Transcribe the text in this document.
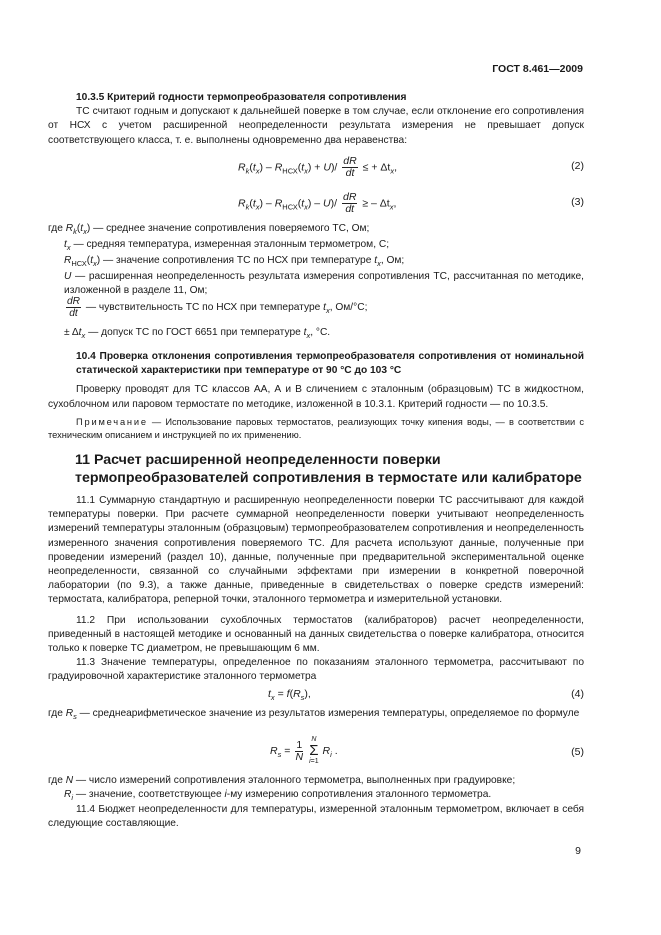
ГОСТ 8.461—2009
10.3.5 Критерий годности термопреобразователя сопротивления
ТС считают годным и допускают к дальнейшей поверке в том случае, если отклонение его сопротивления от НСХ с учетом расширенной неопределенности результата измерения не превышает допуск соответствующего класса, т. е. выполнены одновременно два неравенства:
$R_k(t_x) - R_{НСХ}(t_x) + U)/ \frac{dR}{dt}$ ≤ + $\Delta t_x$,	(2)
$R_k(t_x) - R_{НСХ}(t_x) - U)/ \frac{dR}{dt}$ ≥ – $\Delta t_x$,	(3)
где $R_k(t_x)$ — среднее значение сопротивления поверяемого ТС, Ом;
$t_x$ — средняя температура, измеренная эталонным термометром, С;
$R_{НСХ}(t_x)$ — значение сопротивления ТС по НСХ при температуре $t_x$, Ом;
U — расширенная неопределенность результата измерения сопротивления ТС, рассчитанная по методике, изложенной в разделе 11, Ом;
$\frac{dR}{dt}$ — чувствительность ТС по НСХ при температуре $t_x$, Ом/°С;
± $\Delta t_x$ — допуск ТС по ГОСТ 6651 при температуре $t_x$, °С.
10.4 Проверка отклонения сопротивления термопреобразователя сопротивления от номинальной статической характеристики при температуре от 90 °С до 103 °С
Проверку проводят для ТС классов АА, А и В сличением с эталонным (образцовым) ТС в жидкостном, сухоблочном или паровом термостате по методике, изложенной в 10.3.1. Критерий годности — по 10.3.5.
Примечание — Использование паровых термостатов, реализующих точку кипения воды, — в соответствии с техническим описанием и инструкцией по их применению.
11 Расчет расширенной неопределенности поверки
термопреобразователей сопротивления в термостате или калибраторе
11.1 Суммарную стандартную и расширенную неопределенности поверки ТС рассчитывают для каждой температуры поверки. При расчете суммарной неопределенности поверки учитывают неопределенность измерений температуры эталонным (образцовым) термопреобразователем сопротивления и неопределенность измеренного значения сопротивления поверяемого ТС. Для расчета используют данные, полученные при проведении измерений (раздел 10), данные, полученные при предварительной экспериментальной оценке неопределенности, связанной со случайными эффектами при измерении в конкретной поверочной лаборатории (по 9.3), а также данные, приведенные в свидетельствах о поверке средств измерений: термостата, калибратора, реперной точки, эталонного термометра и измерительной установки.
11.2 При использовании сухоблочных термостатов (калибраторов) расчет неопределенности, приведенный в настоящей методике и основанный на данных свидетельства о поверке калибратора, относится только к поверке ТС диаметром, не превышающим 6 мм.
11.3 Значение температуры, определенное по показаниям эталонного термометра, рассчитывают по градуировочной характеристике эталонного термометра
$t_x = f(R_s)$,	(4)
где $R_s$ — среднеарифметическое значение из результатов измерения температуры, определяемое по формуле
$R_s = \frac{1}{N}$ N
Σ
i=1 $R_i$ .	(5)
где N — число измерений сопротивления эталонного термометра, выполненных при градуировке;
$R_i$ — значение, соответствующее i-му измерению сопротивления эталонного термометра.
11.4 Бюджет неопределенности для температуры, измеренной эталонным термометром, включает в себя следующие составляющие.
9
